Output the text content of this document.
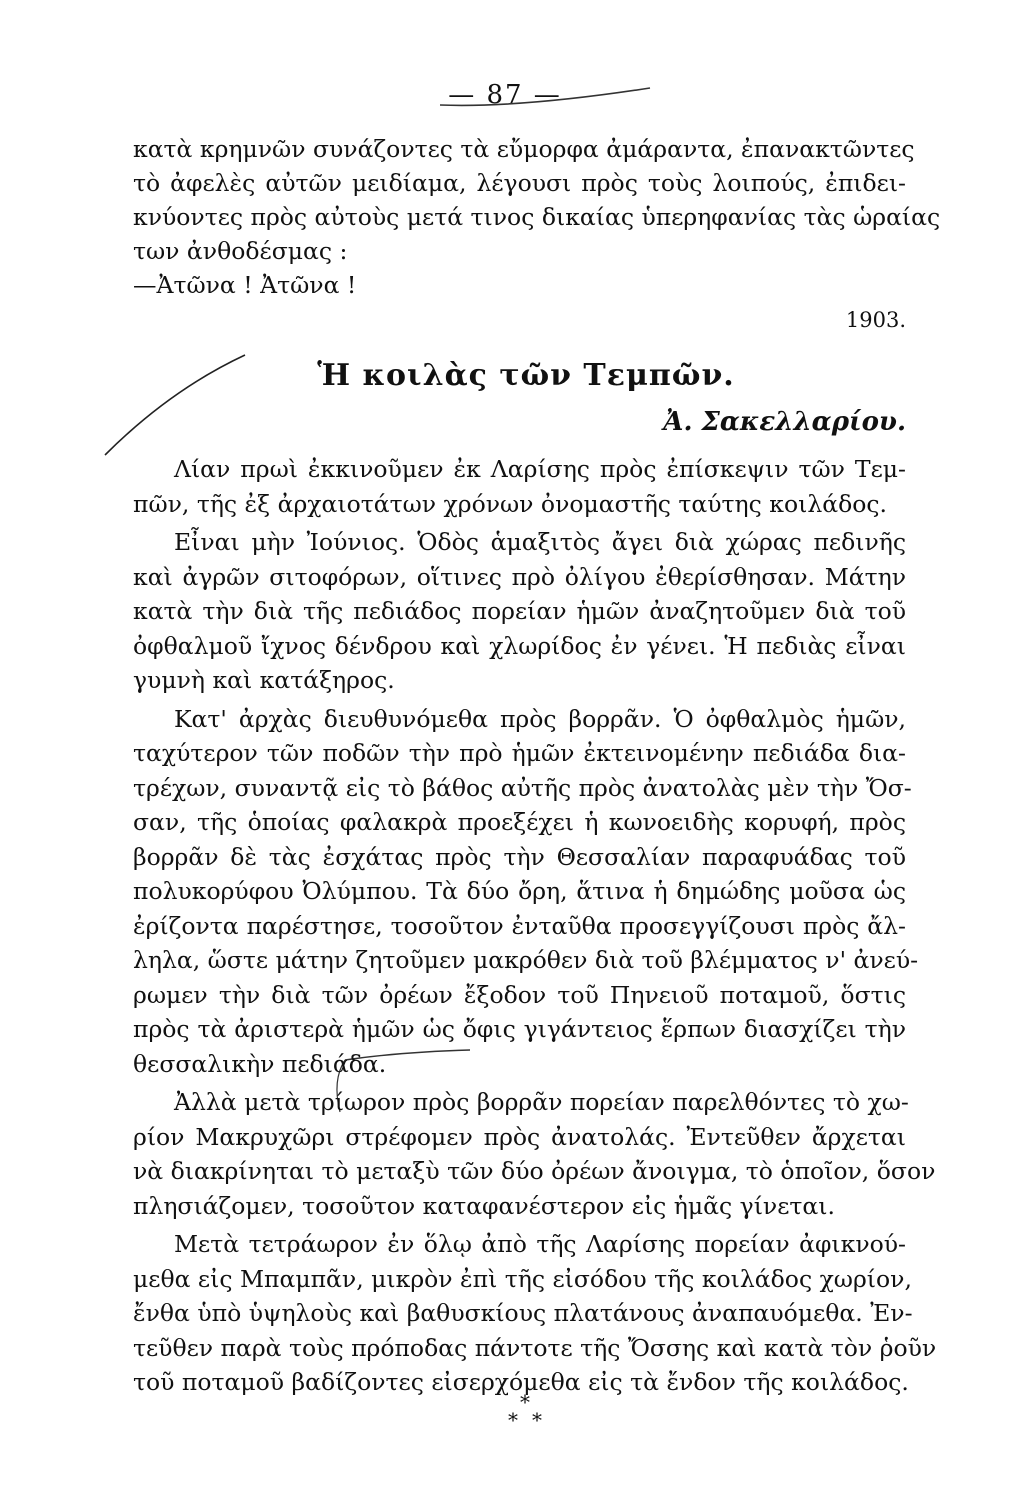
— 87 —
κατὰ κρημνῶν συνάζοντες τὰ εὔμορφα ἀμάραντα, ἐπανακτῶντες
τὸ ἀφελὲς αὐτῶν μειδίαμα, λέγουσι πρὸς τοὺς λοιπούς, ἐπιδει-
κνύοντες πρὸς αὐτοὺς μετά τινος δικαίας ὑπερηφανίας τὰς ὡραίας
των ἀνθοδέσμας :
—Ἀτῶνα ! Ἀτῶνα !
1903.
Ἡ κοιλὰς τῶν Τεμπῶν.
Ἀ. Σακελλαρίου.
Λίαν πρωὶ ἐκκινοῦμεν ἐκ Λαρίσης πρὸς ἐπίσκεψιν τῶν Τεμ-
πῶν, τῆς ἐξ ἀρχαιοτάτων χρόνων ὀνομαστῆς ταύτης κοιλάδος.
Εἶναι μὴν Ἰούνιος. Ὁδὸς ἁμαξιτὸς ἄγει διὰ χώρας πεδινῆς
καὶ ἀγρῶν σιτοφόρων, οἵτινες πρὸ ὀλίγου ἐθερίσθησαν. Μάτην
κατὰ τὴν διὰ τῆς πεδιάδος πορείαν ἡμῶν ἀναζητοῦμεν διὰ τοῦ
ὀφθαλμοῦ ἴχνος δένδρου καὶ χλωρίδος ἐν γένει. Ἡ πεδιὰς εἶναι
γυμνὴ καὶ κατάξηρος.
Κατ' ἀρχὰς διευθυνόμεθα πρὸς βορρᾶν. Ὁ ὀφθαλμὸς ἡμῶν,
ταχύτερον τῶν ποδῶν τὴν πρὸ ἡμῶν ἐκτεινομένην πεδιάδα δια-
τρέχων, συναντᾷ εἰς τὸ βάθος αὐτῆς πρὸς ἀνατολὰς μὲν τὴν Ὄσ-
σαν, τῆς ὁποίας φαλακρὰ προεξέχει ἡ κωνοειδὴς κορυφή, πρὸς
βορρᾶν δὲ τὰς ἐσχάτας πρὸς τὴν Θεσσαλίαν παραφυάδας τοῦ
πολυκορύφου Ὀλύμπου. Τὰ δύο ὄρη, ἅτινα ἡ δημώδης μοῦσα ὡς
ἐρίζοντα παρέστησε, τοσοῦτον ἐνταῦθα προσεγγίζουσι πρὸς ἄλ-
ληλα, ὥστε μάτην ζητοῦμεν μακρόθεν διὰ τοῦ βλέμματος ν' ἀνεύ-
ρωμεν τὴν διὰ τῶν ὀρέων ἔξοδον τοῦ Πηνειοῦ ποταμοῦ, ὅστις
πρὸς τὰ ἀριστερὰ ἡμῶν ὡς ὄφις γιγάντειος ἕρπων διασχίζει τὴν
θεσσαλικὴν πεδιάδα.
Ἀλλὰ μετὰ τρίωρον πρὸς βορρᾶν πορείαν παρελθόντες τὸ χω-
ρίον Μακρυχῶρι στρέφομεν πρὸς ἀνατολάς. Ἐντεῦθεν ἄρχεται
νὰ διακρίνηται τὸ μεταξὺ τῶν δύο ὀρέων ἄνοιγμα, τὸ ὁποῖον, ὅσον
πλησιάζομεν, τοσοῦτον καταφανέστερον εἰς ἡμᾶς γίνεται.
Μετὰ τετράωρον ἐν ὅλῳ ἀπὸ τῆς Λαρίσης πορείαν ἀφικνού-
μεθα εἰς Μπαμπᾶν, μικρὸν ἐπὶ τῆς εἰσόδου τῆς κοιλάδος χωρίον,
ἔνθα ὑπὸ ὑψηλοὺς καὶ βαθυσκίους πλατάνους ἀναπαυόμεθα. Ἐν-
τεῦθεν παρὰ τοὺς πρόποδας πάντοτε τῆς Ὄσσης καὶ κατὰ τὸν ῥοῦν
τοῦ ποταμοῦ βαδίζοντες εἰσερχόμεθα εἰς τὰ ἔνδον τῆς κοιλάδος.
*
* *
